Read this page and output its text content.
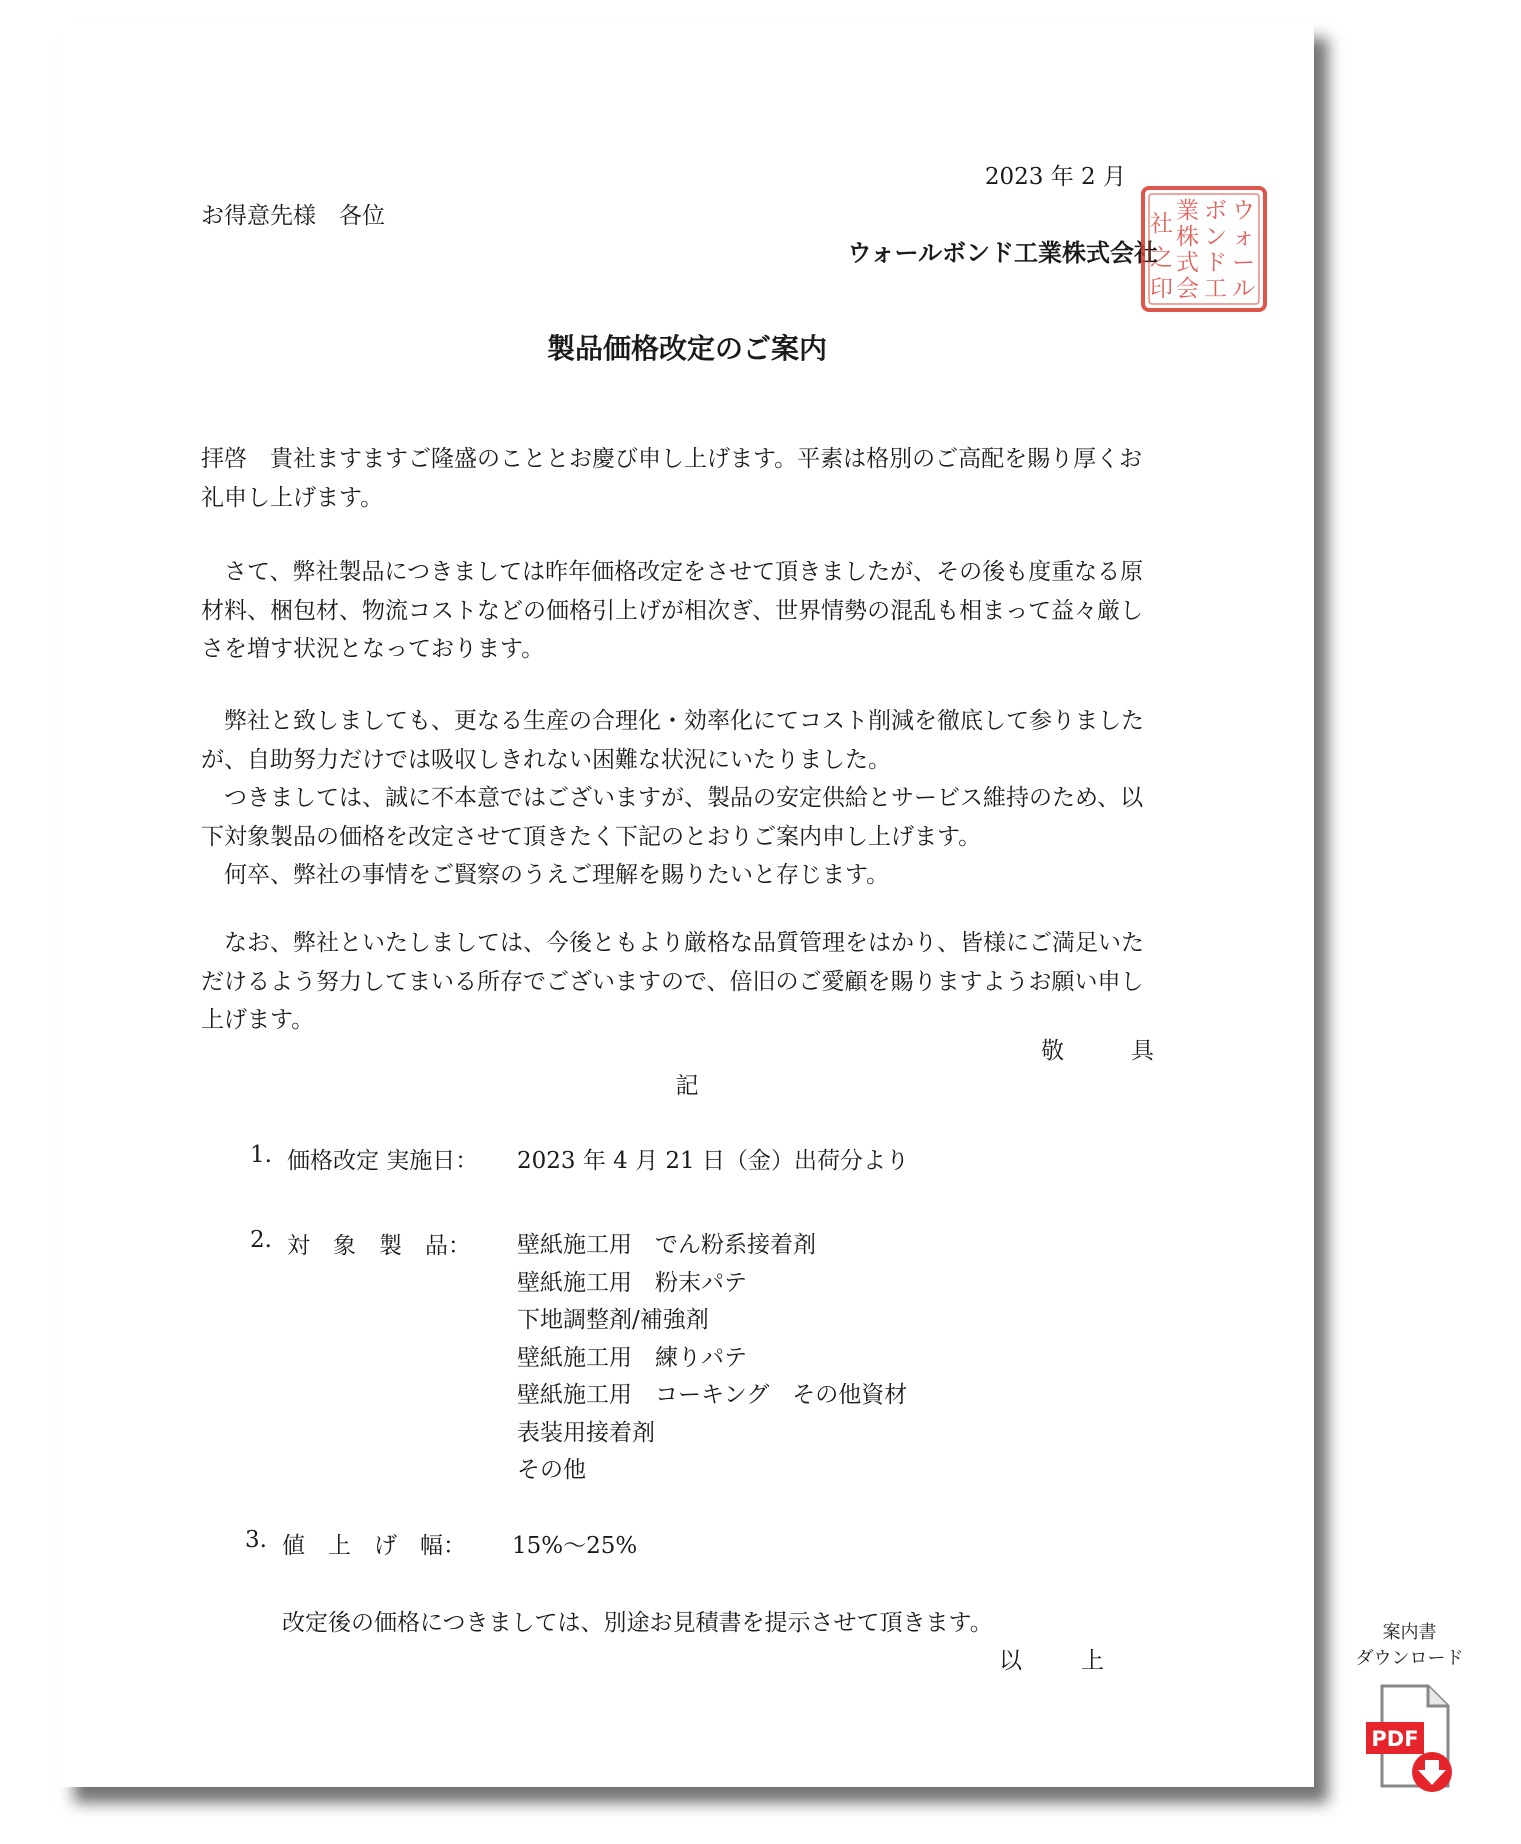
2023 年 2 月
お得意先様　各位
ウォールボンド工業株式会社
ウ
ォ
ー
ル
ボ
ン
ド
工
業
株
式
会
社
之
印
製品価格改定のご案内

拝啓　貴社ますますご隆盛のこととお慶び申し上げます。平素は格別のご高配を賜り厚くお

礼申し上げます。

さて、弊社製品につきましては昨年価格改定をさせて頂きましたが、その後も度重なる原

材料、梱包材、物流コストなどの価格引上げが相次ぎ、世界情勢の混乱も相まって益々厳し

さを増す状況となっております。

弊社と致しましても、更なる生産の合理化・効率化にてコスト削減を徹底して参りました

が、自助努力だけでは吸収しきれない困難な状況にいたりました。

つきましては、誠に不本意ではございますが、製品の安定供給とサービス維持のため、以

下対象製品の価格を改定させて頂きたく下記のとおりご案内申し上げます。

何卒、弊社の事情をご賢察のうえご理解を賜りたいと存じます。

なお、弊社といたしましては、今後ともより厳格な品質管理をはかり、皆様にご満足いた

だけるよう努力してまいる所存でございますので、倍旧のご愛顧を賜りますようお願い申し

上げます。

敬　具
記
1. 価格改定 実施日： 2023 年 4 月 21 日（金）出荷分より
2. 対　象　製　品： 壁紙施工用　でん粉系接着剤
壁紙施工用　粉末パテ
下地調整剤/補強剤
壁紙施工用　練りパテ
壁紙施工用　コーキング　その他資材
表装用接着剤
その他
3. 値　上　げ　幅： 15%～25%
改定後の価格につきましては、別途お見積書を提示させて頂きます。
以　上
案内書
ダウンロード
PDF
